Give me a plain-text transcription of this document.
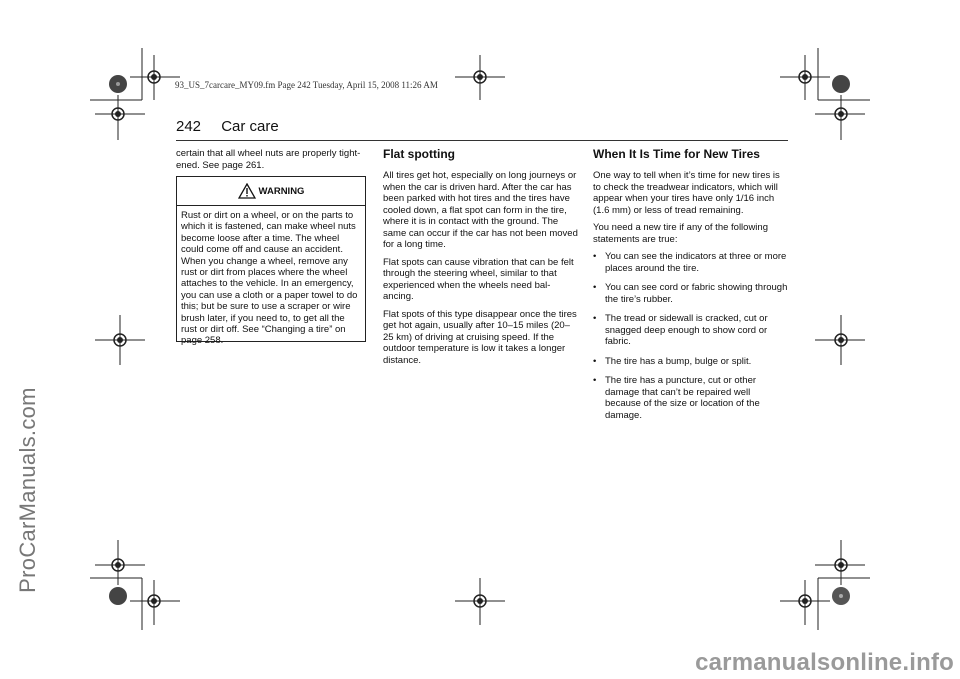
93_US_7carcare_MY09.fm Page 242 Tuesday, April 15, 2008 11:26 AM
ProCarManuals.com
242 Car care

certain that all wheel nuts are properly tight-ened. See page 261.

WARNING
Rust or dirt on a wheel, or on the parts to which it is fastened, can make wheel nuts become loose after a time. The wheel could come off and cause an accident. When you change a wheel, remove any rust or dirt from places where the wheel attaches to the vehicle. In an emergency, you can use a cloth or a paper towel to do this; but be sure to use a scraper or wire brush later, if you need to, to get all the rust or dirt off. See “Changing a tire” on page 258.
Flat spotting

All tires get hot, especially on long journeys or when the car is driven hard. After the car has been parked with hot tires and the tires have cooled down, a flat spot can form in the tire, where it is in contact with the ground. The same can occur if the car has not been moved for a long time.

Flat spots can cause vibration that can be felt through the steering wheel, similar to that experienced when the wheels need bal-ancing.

Flat spots of this type disappear once the tires get hot again, usually after 10–15 miles (20–25 km) of driving at cruising speed. If the outdoor temperature is low it takes a longer distance.

When It Is Time for New Tires

One way to tell when it’s time for new tires is to check the treadwear indicators, which will appear when your tires have only 1/16 inch (1.6 mm) or less of tread remaining.

You need a new tire if any of the following statements are true:

• You can see the indicators at three or more places around the tire.
• You can see cord or fabric showing through the tire’s rubber.
• The tread or sidewall is cracked, cut or snagged deep enough to show cord or fabric.
• The tire has a bump, bulge or split.
• The tire has a puncture, cut or other damage that can’t be repaired well because of the size or location of the damage.
carmanualsonline.info
